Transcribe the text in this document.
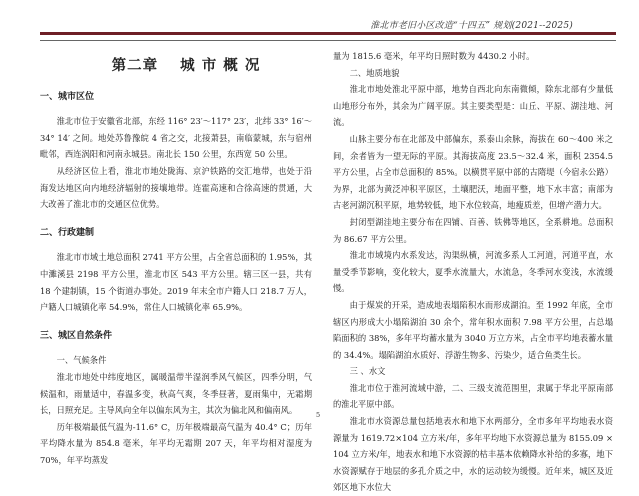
淮北市老旧小区改造“十四五” 规划(2021--2025)
第二章 城 市 概 况
一、城市区位

淮北市位于安徽省北部，东经 116° 23′～117° 23′，北纬 33° 16′～34° 14′ 之间。地处苏鲁豫皖 4 省之交，北接萧县，南临蒙城，东与宿州毗邻，西连涡阳和河南永城县。南北长 150 公里，东西宽 50 公里。

从经济区位上看，淮北市地处陇海、京沪铁路的交汇地带，也处于沿海发达地区向内地经济辐射的接壤地带。连霍高速和合徐高速的贯通，大大改善了淮北市的交通区位优势。

二、行政建制

淮北市市域土地总面积 2741 平方公里，占全省总面积的 1.95%，其中濉溪县 2198 平方公里，淮北市区 543 平方公里。辖三区一县，共有 18 个建制镇，15 个街道办事处。2019 年末全市户籍人口 218.7 万人，户籍人口城镇化率 54.9%，常住人口城镇化率 65.9%。

三、城区自然条件

一、气候条件

淮北市地处中纬度地区，属暖温带半湿润季风气候区，四季分明，气候温和，雨量适中，春温多变，秋高气爽，冬季昼著，夏雨集中，无霜期长，日照充足。主导风向全年以偏东风为主，其次为偏北风和偏南风。

历年极端最低气温为-11.6° C，历年极端最高气温为 40.4° C；历年平均降水量为 854.8 毫米，年平均无霜期 207 天，年平均相对湿度为 70%，年平均蒸发

量为 1815.6 毫米，年平均日照时数为 4430.2 小时。

二、地质地貌

淮北市地处淮北平原中部，地势自西北向东南微倾，除东北部有少量低山地形分布外，其余为广阔平原。其主要类型是：山丘、平原、湖洼地、河流。

山脉主要分布在北部及中部偏东，系泰山余脉，海拔在 60～400 米之间，余者皆为一望无际的平原。其海拔高度 23.5～32.4 米，面积 2354.5 平方公里，占全市总面积的 85%。以横贯平原中部的古隋堤（今宿永公路）为界，北部为黄泛冲积平原区，土壤肥沃，地面平整，地下水丰富；南部为古老河湖沉积平原，地势较低，地下水位较高，地瘦质差，但增产潜力大。

封闭型湖洼地主要分布在四铺、百善、铁佛等地区，全系耕地。总面积为 86.67 平方公里。

淮北市域境内水系发达，沟渠纵横，河流多系人工河道，河道平直，水量受季节影响，变化较大，夏季水流量大，水流急，冬季河水变浅，水流缓慢。

由于煤炭的开采，造成地表塌陷积水而形成湖泊。至 1992 年底，全市辖区内形成大小塌陷湖泊 30 余个，常年积水面积 7.98 平方公里，占总塌陷面积的 38%，多年平均蓄水量为 3040 万立方米，占全市平均地表蓄水量的 34.4%。塌陷湖泊水质好、浮游生物多、污染少，适合鱼类生长。

三 、水文

淮北市位于淮河流域中游，二、三级支流范围里，隶属于华北平原南部的淮北平原中部。

淮北市水资源总量包括地表水和地下水两部分，全市多年平均地表水资源量为 1619.72×104 立方米/年，多年平均地下水资源总量为 8155.09 × 104 立方米/年，地表水和地下水资源的枯丰基本依赖降水补给的多寡，地下水资源赋存于地层的多孔介质之中，水的运动较为缓慢。近年来，城区及近郊区地下水位大

5
